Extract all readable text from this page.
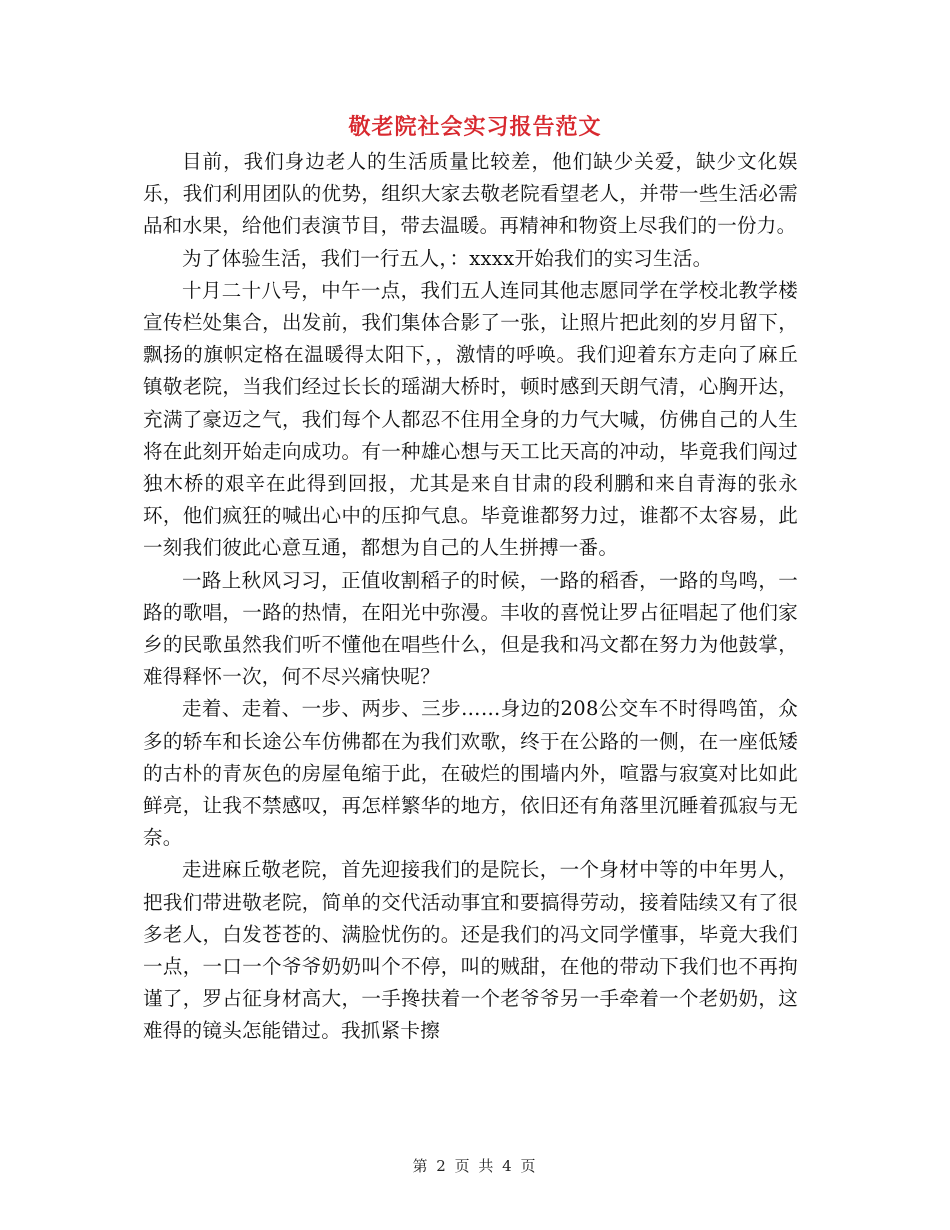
敬老院社会实习报告范文

目前，我们身边老人的生活质量比较差，他们缺少关爱，缺少文化娱乐，我们利用团队的优势，组织大家去敬老院看望老人，并带一些生活必需品和水果，给他们表演节目，带去温暖。再精神和物资上尽我们的一份力。

为了体验生活，我们一行五人，：xxxx开始我们的实习生活。

十月二十八号，中午一点，我们五人连同其他志愿同学在学校北教学楼宣传栏处集合，出发前，我们集体合影了一张，让照片把此刻的岁月留下，飘扬的旗帜定格在温暖得太阳下，，激情的呼唤。我们迎着东方走向了麻丘镇敬老院，当我们经过长长的瑶湖大桥时，顿时感到天朗气清，心胸开达，充满了豪迈之气，我们每个人都忍不住用全身的力气大喊，仿佛自己的人生将在此刻开始走向成功。有一种雄心想与天工比天高的冲动，毕竟我们闯过独木桥的艰辛在此得到回报，尤其是来自甘肃的段利鹏和来自青海的张永环，他们疯狂的喊出心中的压抑气息。毕竟谁都努力过，谁都不太容易，此一刻我们彼此心意互通，都想为自己的人生拼搏一番。

一路上秋风习习，正值收割稻子的时候，一路的稻香，一路的鸟鸣，一路的歌唱，一路的热情，在阳光中弥漫。丰收的喜悦让罗占征唱起了他们家乡的民歌虽然我们听不懂他在唱些什么，但是我和冯文都在努力为他鼓掌，难得释怀一次，何不尽兴痛快呢？

走着、走着、一步、两步、三步……身边的208公交车不时得鸣笛，众多的轿车和长途公车仿佛都在为我们欢歌，终于在公路的一侧，在一座低矮的古朴的青灰色的房屋龟缩于此，在破烂的围墙内外，喧嚣与寂寞对比如此鲜亮，让我不禁感叹，再怎样繁华的地方，依旧还有角落里沉睡着孤寂与无奈。

走进麻丘敬老院，首先迎接我们的是院长，一个身材中等的中年男人，把我们带进敬老院，简单的交代活动事宜和要搞得劳动，接着陆续又有了很多老人，白发苍苍的、满脸忧伤的。还是我们的冯文同学懂事，毕竟大我们一点，一口一个爷爷奶奶叫个不停，叫的贼甜，在他的带动下我们也不再拘谨了，罗占征身材高大，一手搀扶着一个老爷爷另一手牵着一个老奶奶，这难得的镜头怎能错过。我抓紧卡擦

第 2 页 共 4 页
